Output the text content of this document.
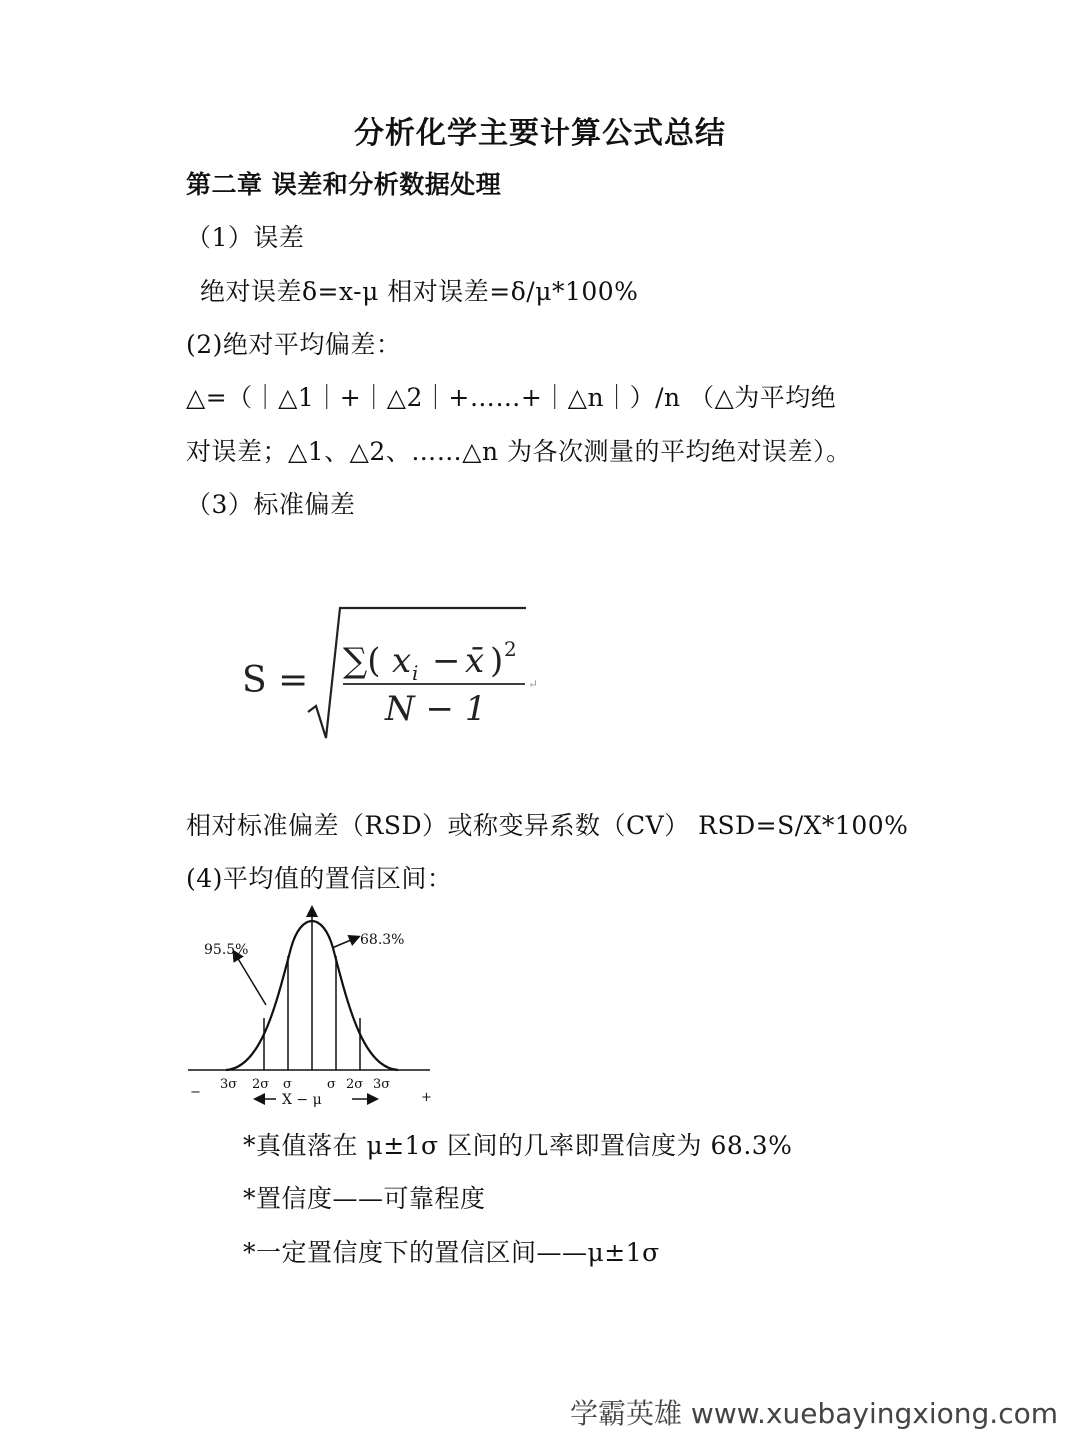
分析化学主要计算公式总结
第二章 误差和分析数据处理
（1）误差
绝对误差δ=x-μ 相对误差=δ/μ*100%
(2)绝对平均偏差：
△=（｜△1｜+｜△2｜+……+｜△n｜）/n （△为平均绝
对误差；△1、△2、……△n 为各次测量的平均绝对误差）。
（3）标准偏差
S = ∑( x i − x̄ ) 2
N − 1
↵
相对标准偏差（RSD）或称变异系数（CV） RSD=S/X*100%
(4)平均值的置信区间：
95.5%
68.3%
−	+
3σ 2σ σ	σ 2σ 3σ
X − μ
*真值落在 μ±1σ 区间的几率即置信度为 68.3%
*置信度——可靠程度
*一定置信度下的置信区间——μ±1σ
学霸英雄 www.xuebayingxiong.com
